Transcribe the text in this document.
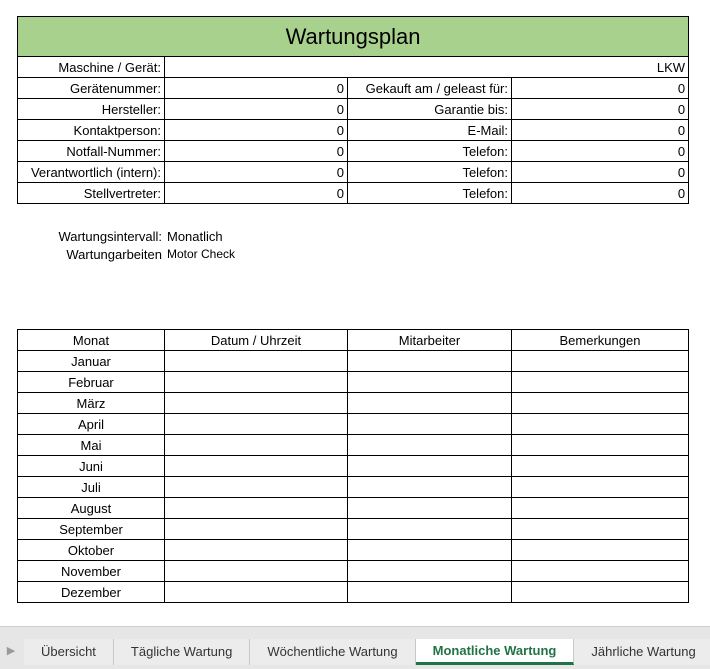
Wartungsplan			
Maschine / Gerät:	LKW		
Gerätenummer:	0	Gekauft am / geleast für:	0
Hersteller:	0	Garantie bis:	0
Kontaktperson:	0	E-Mail:	0
Notfall-Nummer:	0	Telefon:	0
Verantwortlich (intern):	0	Telefon:	0
Stellvertreter:	0	Telefon:	0
Wartungsintervall: Monatlich
Wartungarbeiten Motor Check
Monat	Datum / Uhrzeit	Mitarbeiter	Bemerkungen
Januar			
Februar			
März			
April			
Mai			
Juni			
Juli			
August			
September			
Oktober			
November			
Dezember			
▶	Übersicht	Tägliche Wartung	Wöchentliche Wartung	Monatliche Wartung	Jährliche Wartung
